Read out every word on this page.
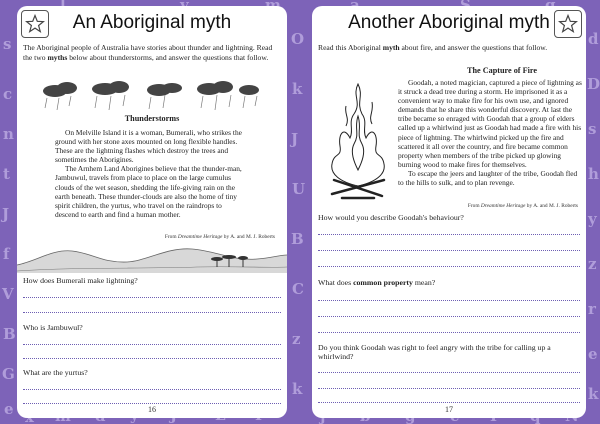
s
c
n
t
J
f
V
B
G
e
O
k
J
U
B
C
z
k
d
D
s
h
y
z
r
e
k
An Aboriginal myth
The Aboriginal people of Australia have stories about thunder and lightning. Read the two myths below about thunderstorms, and answer the questions that follow.
Thunderstorms

On Melville Island it is a woman, Bumerali, who strikes the ground with her stone axes mounted on long flexible handles. These are the lightning flashes which destroy the trees and sometimes the Aborigines.

The Arnhem Land Aborigines believe that the thunder-man, Jambuwul, travels from place to place on the large cumulus clouds of the wet season, shedding the life-giving rain on the earth beneath. These thunder-clouds are also the home of tiny spirit children, the yurtus, who travel on the raindrops to descend to earth and find a human mother.

From Dreamtime Heritage by A. and M. J. Roberts
How does Bumerali make lightning?
Who is Jambuwul?
What are the yurtus?
16
Another Aboriginal myth
Read this Aboriginal myth about fire, and answer the questions that follow.
The Capture of Fire

Goodah, a noted magician, captured a piece of lightning as it struck a dead tree during a storm. He imprisoned it as a convenient way to make fire for his own use, and ignored demands that he share this wonderful discovery. At last the tribe became so enraged with Goodah that a group of elders called up a whirlwind just as Goodah had made a fire with his piece of lightning. The whirlwind picked up the fire and scattered it all over the country, and fire became common property when members of the tribe picked up glowing burning wood to make fires for themselves.

To escape the jeers and laughter of the tribe, Goodah fled to the hills to sulk, and to plan revenge.

From Dreamtime Heritage by A. and M. J. Roberts
How would you describe Goodah's behaviour?
What does common property mean?
Do you think Goodah was right to feel angry with the tribe for calling up a whirlwind?
17
